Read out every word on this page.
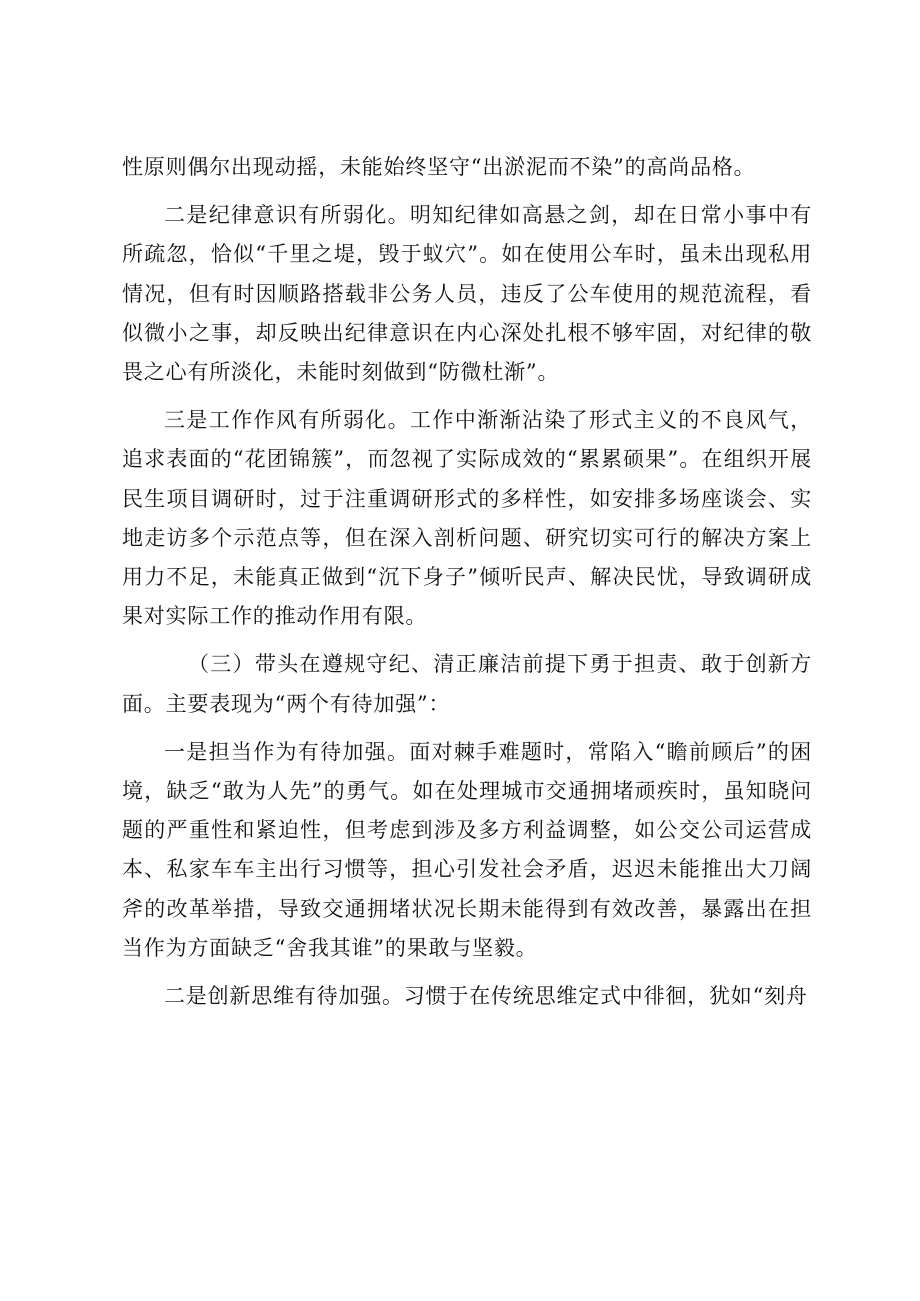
性原则偶尔出现动摇，未能始终坚守“出淤泥而不染”的高尚品格。

二是纪律意识有所弱化。明知纪律如高悬之剑，却在日常小事中有所疏忽，恰似“千里之堤，毁于蚁穴”。如在使用公车时，虽未出现私用情况，但有时因顺路搭载非公务人员，违反了公车使用的规范流程，看似微小之事，却反映出纪律意识在内心深处扎根不够牢固，对纪律的敬畏之心有所淡化，未能时刻做到“防微杜渐”。

三是工作作风有所弱化。工作中渐渐沾染了形式主义的不良风气，追求表面的“花团锦簇”，而忽视了实际成效的“累累硕果”。在组织开展民生项目调研时，过于注重调研形式的多样性，如安排多场座谈会、实地走访多个示范点等，但在深入剖析问题、研究切实可行的解决方案上用力不足，未能真正做到“沉下身子”倾听民声、解决民忧，导致调研成果对实际工作的推动作用有限。

（三）带头在遵规守纪、清正廉洁前提下勇于担责、敢于创新方面。主要表现为“两个有待加强”：

一是担当作为有待加强。面对棘手难题时，常陷入“瞻前顾后”的困境，缺乏“敢为人先”的勇气。如在处理城市交通拥堵顽疾时，虽知晓问题的严重性和紧迫性，但考虑到涉及多方利益调整，如公交公司运营成本、私家车车主出行习惯等，担心引发社会矛盾，迟迟未能推出大刀阔斧的改革举措，导致交通拥堵状况长期未能得到有效改善，暴露出在担当作为方面缺乏“舍我其谁”的果敢与坚毅。

二是创新思维有待加强。习惯于在传统思维定式中徘徊，犹如“刻舟
